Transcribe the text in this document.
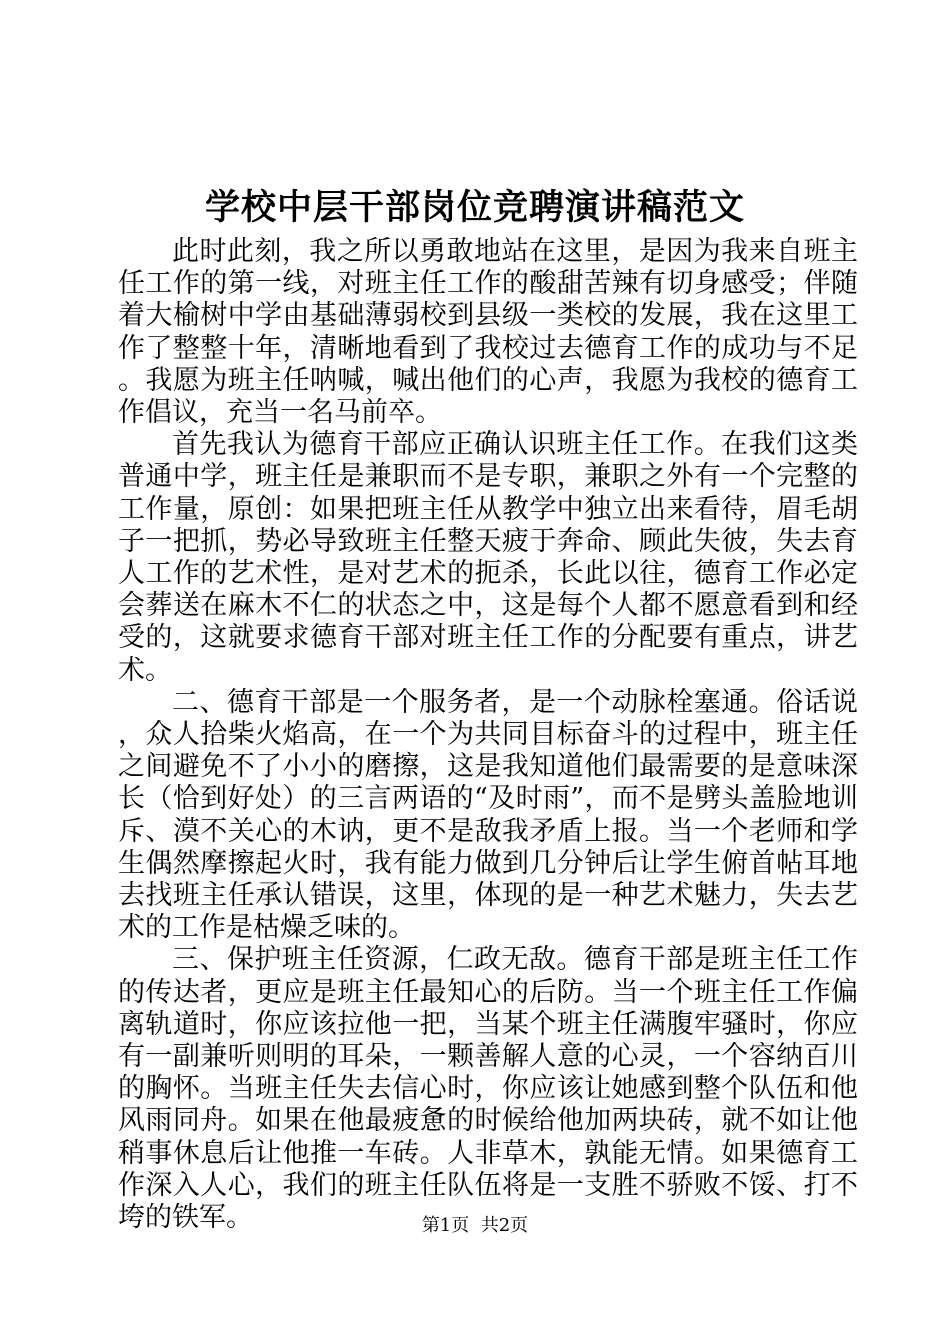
学校中层干部岗位竞聘演讲稿范文

此时此刻，我之所以勇敢地站在这里，是因为我来自班主任工作的第一线，对班主任工作的酸甜苦辣有切身感受；伴随着大榆树中学由基础薄弱校到县级一类校的发展，我在这里工作了整整十年，清晰地看到了我校过去德育工作的成功与不足。我愿为班主任呐喊，喊出他们的心声，我愿为我校的德育工作倡议，充当一名马前卒。

首先我认为德育干部应正确认识班主任工作。在我们这类普通中学，班主任是兼职而不是专职，兼职之外有一个完整的工作量，原创：如果把班主任从教学中独立出来看待，眉毛胡子一把抓，势必导致班主任整天疲于奔命、顾此失彼，失去育人工作的艺术性，是对艺术的扼杀，长此以往，德育工作必定会葬送在麻木不仁的状态之中，这是每个人都不愿意看到和经受的，这就要求德育干部对班主任工作的分配要有重点，讲艺术。

二、德育干部是一个服务者，是一个动脉栓塞通。俗话说，众人拾柴火焰高，在一个为共同目标奋斗的过程中，班主任之间避免不了小小的磨擦，这是我知道他们最需要的是意味深长（恰到好处）的三言两语的“及时雨”，而不是劈头盖脸地训斥、漠不关心的木讷，更不是敌我矛盾上报。当一个老师和学生偶然摩擦起火时，我有能力做到几分钟后让学生俯首帖耳地去找班主任承认错误，这里，体现的是一种艺术魅力，失去艺术的工作是枯燥乏味的。

三、保护班主任资源，仁政无敌。德育干部是班主任工作的传达者，更应是班主任最知心的后防。当一个班主任工作偏离轨道时，你应该拉他一把，当某个班主任满腹牢骚时，你应有一副兼听则明的耳朵，一颗善解人意的心灵，一个容纳百川的胸怀。当班主任失去信心时，你应该让她感到整个队伍和他风雨同舟。如果在他最疲惫的时候给他加两块砖，就不如让他稍事休息后让他推一车砖。人非草木，孰能无情。如果德育工作深入人心，我们的班主任队伍将是一支胜不骄败不馁、打不垮的铁军。	第1页  共2页
